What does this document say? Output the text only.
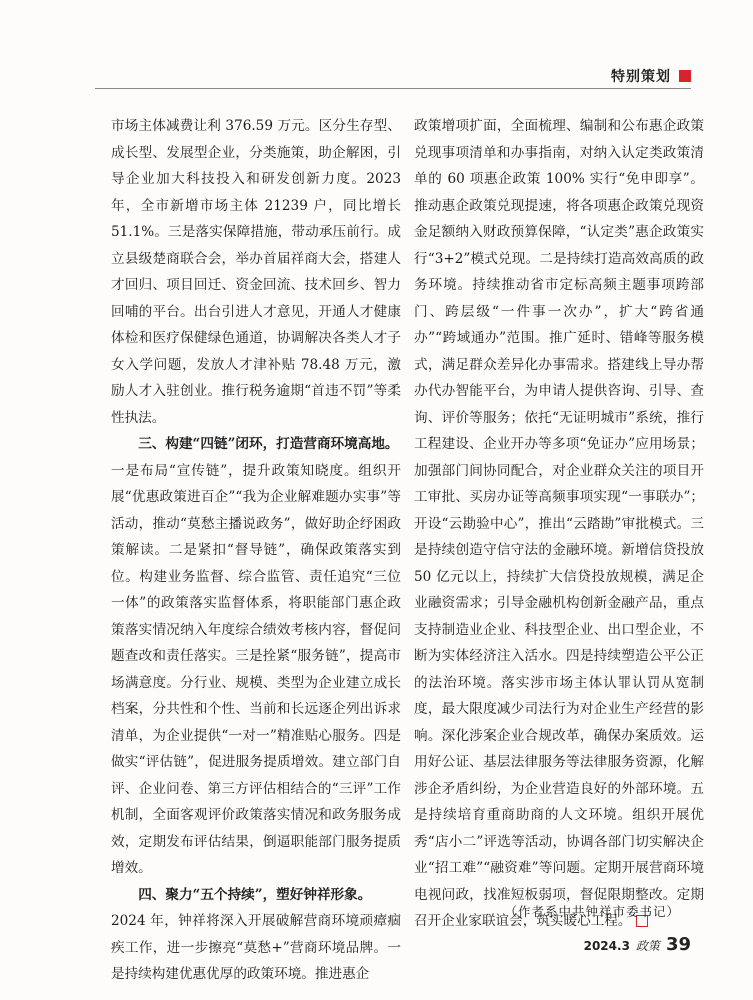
特别策划

市场主体减费让利 376.59 万元。区分生存型、成长型、发展型企业，分类施策，助企解困，引导企业加大科技投入和研发创新力度。2023年，全市新增市场主体 21239 户，同比增长 51.1%。三是落实保障措施，带动承压前行。成立县级楚商联合会，举办首届祥商大会，搭建人才回归、项目回迁、资金回流、技术回乡、智力回哺的平台。出台引进人才意见，开通人才健康体检和医疗保健绿色通道，协调解决各类人才子女入学问题，发放人才津补贴 78.48 万元，激励人才入驻创业。推行税务逾期“首违不罚”等柔性执法。

三、构建“四链”闭环，打造营商环境高地。

一是布局“宣传链”，提升政策知晓度。组织开展“优惠政策进百企”“我为企业解难题办实事”等活动，推动“莫愁主播说政务”，做好助企纾困政策解读。二是紧扣“督导链”，确保政策落实到位。构建业务监督、综合监管、责任追究“三位一体”的政策落实监督体系，将职能部门惠企政策落实情况纳入年度综合绩效考核内容，督促问题查改和责任落实。三是拴紧“服务链”，提高市场满意度。分行业、规模、类型为企业建立成长档案，分共性和个性、当前和长远逐企列出诉求清单，为企业提供“一对一”精准贴心服务。四是做实“评估链”，促进服务提质增效。建立部门自评、企业问卷、第三方评估相结合的“三评”工作机制，全面客观评价政策落实情况和政务服务成效，定期发布评估结果，倒逼职能部门服务提质增效。

四、聚力“五个持续”，塑好钟祥形象。

2024 年，钟祥将深入开展破解营商环境顽瘴痼疾工作，进一步擦亮“莫愁+”营商环境品牌。一是持续构建优惠优厚的政策环境。推进惠企

政策增项扩面，全面梳理、编制和公布惠企政策兑现事项清单和办事指南，对纳入认定类政策清单的 60 项惠企政策 100% 实行“免申即享”。推动惠企政策兑现提速，将各项惠企政策兑现资金足额纳入财政预算保障，“认定类”惠企政策实行“3+2”模式兑现。二是持续打造高效高质的政务环境。持续推动省市定标高频主题事项跨部门、跨层级“一件事一次办”，扩大“跨省通办”“跨域通办”范围。推广延时、错峰等服务模式，满足群众差异化办事需求。搭建线上导办帮办代办智能平台，为申请人提供咨询、引导、查询、评价等服务；依托“无证明城市”系统，推行工程建设、企业开办等多项“免证办”应用场景；加强部门间协同配合，对企业群众关注的项目开工审批、买房办证等高频事项实现“一事联办”；开设“云勘验中心”，推出“云踏勘”审批模式。三是持续创造守信守法的金融环境。新增信贷投放 50 亿元以上，持续扩大信贷投放规模，满足企业融资需求；引导金融机构创新金融产品，重点支持制造业企业、科技型企业、出口型企业，不断为实体经济注入活水。四是持续塑造公平公正的法治环境。落实涉市场主体认罪认罚从宽制度，最大限度减少司法行为对企业生产经营的影响。深化涉案企业合规改革，确保办案质效。运用好公证、基层法律服务等法律服务资源，化解涉企矛盾纠纷，为企业营造良好的外部环境。五是持续培育重商助商的人文环境。组织开展优秀“店小二”评选等活动，协调各部门切实解决企业“招工难”“融资难”等问题。定期开展营商环境电视问政，找准短板弱项，督促限期整改。定期召开企业家联谊会，筑实暖心工程。

（作者系中共钟祥市委书记）
2024.3 政策 39
